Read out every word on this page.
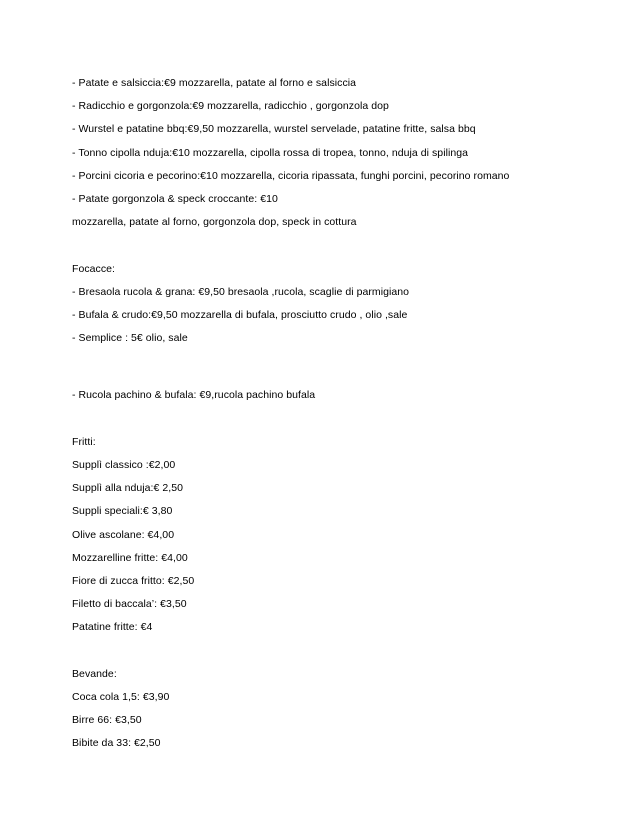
- Patate e salsiccia:€9 mozzarella, patate al forno e salsiccia
- Radicchio e gorgonzola:€9 mozzarella, radicchio , gorgonzola dop
- Wurstel e patatine bbq:€9,50 mozzarella, wurstel servelade, patatine fritte, salsa bbq
- Tonno cipolla nduja:€10 mozzarella, cipolla rossa di tropea, tonno, nduja di spilinga
- Porcini cicoria e pecorino:€10 mozzarella, cicoria ripassata, funghi porcini, pecorino romano
- Patate gorgonzola & speck croccante: €10
mozzarella, patate al forno, gorgonzola dop, speck in cottura
Focacce:
- Bresaola rucola & grana: €9,50 bresaola ,rucola, scaglie di parmigiano
- Bufala & crudo:€9,50 mozzarella di bufala, prosciutto crudo , olio ,sale
- Semplice : 5€ olio, sale
- Rucola pachino & bufala: €9,rucola pachino bufala
Fritti:
Supplì classico :€2,00
Supplì alla nduja:€ 2,50
Suppli speciali:€ 3,80
Olive ascolane: €4,00
Mozzarelline fritte: €4,00
Fiore di zucca fritto: €2,50
Filetto di baccala’: €3,50
Patatine fritte: €4
Bevande:
Coca cola 1,5: €3,90
Birre 66: €3,50
Bibite da 33: €2,50
